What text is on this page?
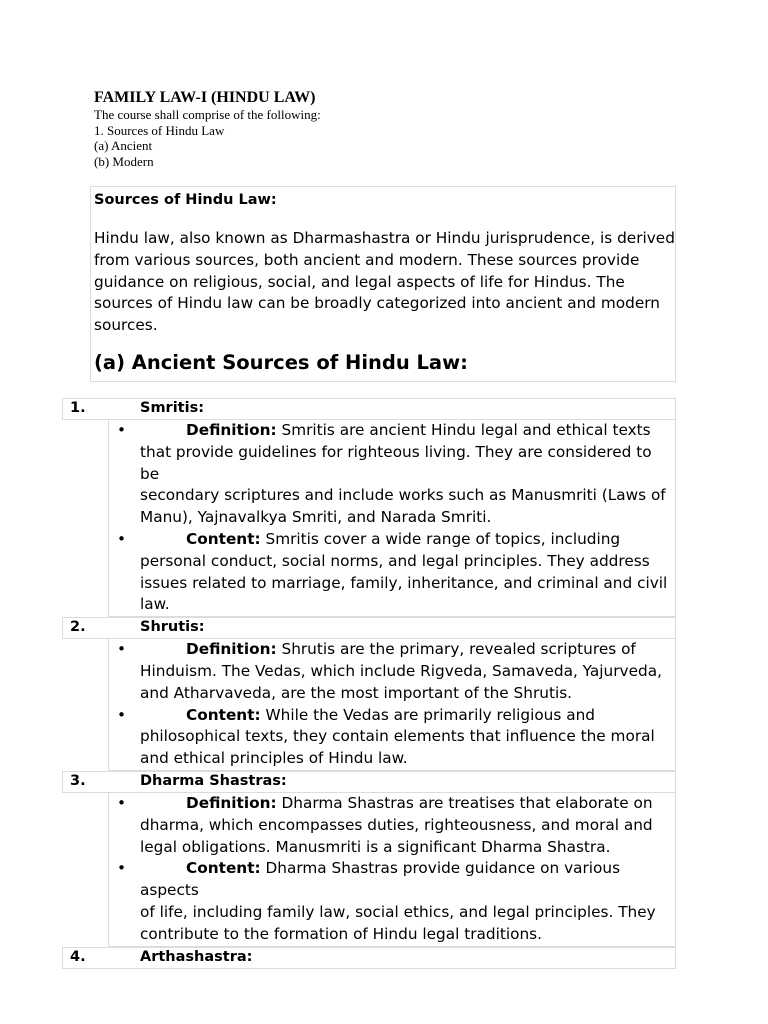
FAMILY LAW-I (HINDU LAW)
The course shall comprise of the following:
1. Sources of Hindu Law
(a) Ancient
(b) Modern

Sources of Hindu Law:

Hindu law, also known as Dharmashastra or Hindu jurisprudence, is derived
from various sources, both ancient and modern. These sources provide
guidance on religious, social, and legal aspects of life for Hindus. The
sources of Hindu law can be broadly categorized into ancient and modern
sources.

(a) Ancient Sources of Hindu Law:

1.	Smritis:
•	Definition: Smritis are ancient Hindu legal and ethical texts
that provide guidelines for righteous living. They are considered to be
secondary scriptures and include works such as Manusmriti (Laws of
Manu), Yajnavalkya Smriti, and Narada Smriti.
•	Content: Smritis cover a wide range of topics, including
personal conduct, social norms, and legal principles. They address
issues related to marriage, family, inheritance, and criminal and civil
law.
2.	Shrutis:
•	Definition: Shrutis are the primary, revealed scriptures of
Hinduism. The Vedas, which include Rigveda, Samaveda, Yajurveda,
and Atharvaveda, are the most important of the Shrutis.
•	Content: While the Vedas are primarily religious and
philosophical texts, they contain elements that influence the moral
and ethical principles of Hindu law.
3.	Dharma Shastras:
•	Definition: Dharma Shastras are treatises that elaborate on
dharma, which encompasses duties, righteousness, and moral and
legal obligations. Manusmriti is a significant Dharma Shastra.
•	Content: Dharma Shastras provide guidance on various aspects
of life, including family law, social ethics, and legal principles. They
contribute to the formation of Hindu legal traditions.
4.	Arthashastra:
